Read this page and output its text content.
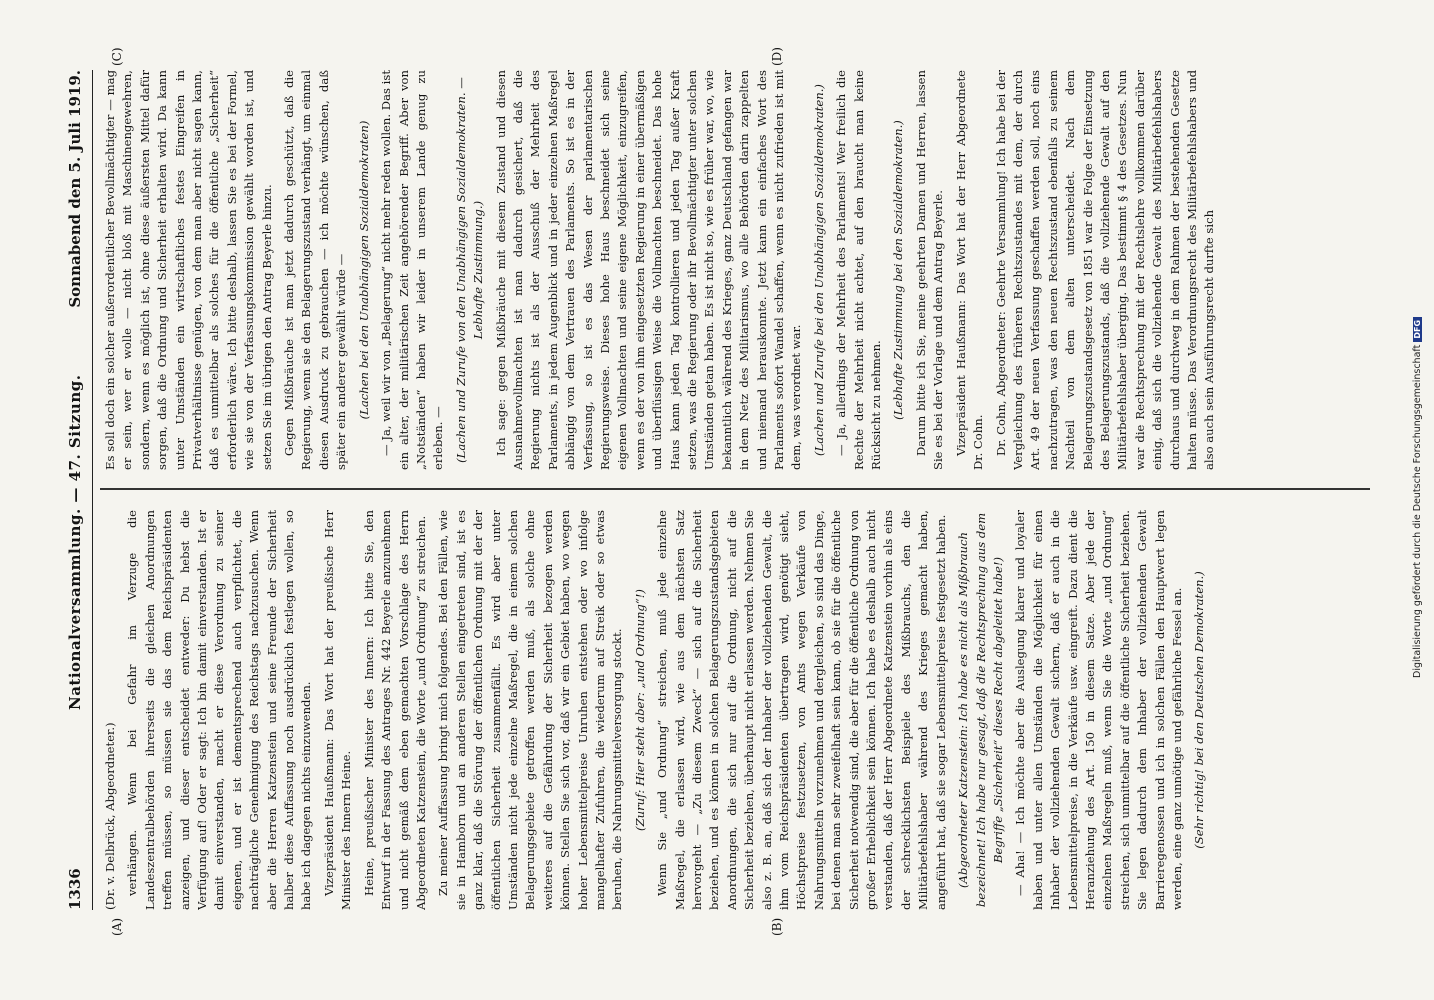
1336
Nationalversammlung. — 47. Sitzung.
Sonnabend den 5. Juli 1919.
(A)	(B)
(C)	(D)

(Dr. v. Delbrück, Abgeordneter.) verhängen. Wenn bei Gefahr im Verzuge die Landeszentralbehörden ihrerseits die gleichen Anordnungen treffen müssen, so müssen sie das dem Reichspräsidenten anzeigen, und dieser entscheidet entweder: Du hebst die Verfügung auf! Oder er sagt: Ich bin damit einverstanden. Ist er damit einverstanden, macht er diese Verordnung zu seiner eigenen, und er ist dementsprechend auch verpflichtet, die nachträgliche Genehmigung des Reichstags nachzusuchen. Wenn aber die Herren Katzenstein und seine Freunde der Sicherheit halber diese Auffassung noch ausdrücklich festlegen wollen, so habe ich dagegen nichts einzuwenden. Vizepräsident Haußmann: Das Wort hat der preußische Herr Minister des Innern Heine. Heine, preußischer Minister des Innern: Ich bitte Sie, den Entwurf in der Fassung des Antrages Nr. 442 Beyerle anzunehmen und nicht gemäß dem eben gemachten Vorschlage des Herrn Abgeordneten Katzenstein, die Worte „und Ordnung“ zu streichen. Zu meiner Auffassung bringt mich folgendes. Bei den Fällen, wie sie in Hamborn und an anderen Stellen eingetreten sind, ist es ganz klar, daß die Störung der öffentlichen Ordnung mit der der öffentlichen Sicherheit zusammenfällt. Es wird aber unter Umständen nicht jede einzelne Maßregel, die in einem solchen Belagerungsgebiete getroffen werden muß, als solche ohne weiteres auf die Gefährdung der Sicherheit bezogen werden können. Stellen Sie sich vor, daß wir ein Gebiet haben, wo wegen hoher Lebensmittelpreise Unruhen entstehen oder wo infolge mangelhafter Zufuhren, die wiederum auf Streik oder so etwas beruhen, die Nahrungsmittelversorgung stockt. (Zuruf: Hier steht aber: „und Ordnung“!) Wenn Sie „und Ordnung“ streichen, muß jede einzelne Maßregel, die erlassen wird, wie aus dem nächsten Satz hervorgeht — „Zu diesem Zweck“ — sich auf die Sicherheit beziehen, und es können in solchen Belagerungszustandsgebieten Anordnungen, die sich nur auf die Ordnung, nicht auf die Sicherheit beziehen, überhaupt nicht erlassen werden. Nehmen Sie also z. B. an, daß sich der Inhaber der vollziehenden Gewalt, die ihm vom Reichspräsidenten übertragen wird, genötigt sieht, Höchstpreise festzusetzen, von Amts wegen Verkäufe von Nahrungsmitteln vorzunehmen und dergleichen, so sind das Dinge, bei denen man sehr zweifelhaft sein kann, ob sie für die öffentliche Sicherheit notwendig sind, die aber für die öffentliche Ordnung von großer Erheblichkeit sein können. Ich habe es deshalb auch nicht verstanden, daß der Herr Abgeordnete Katzenstein vorhin als eins der schrecklichsten Beispiele des Mißbrauchs, den die Militärbefehlshaber während des Krieges gemacht haben, angeführt hat, daß sie sogar Lebensmittelpreise festgesetzt haben. (Abgeordneter Katzenstein: Ich habe es nicht als Mißbrauch bezeichnet! Ich habe nur gesagt, daß die Rechtsprechung aus dem Begriffe „Sicherheit“ dieses Recht abgeleitet habe!) — Aha! — Ich möchte aber die Auslegung klarer und loyaler haben und unter allen Umständen die Möglichkeit für einen Inhaber der vollziehenden Gewalt sichern, daß er auch in die Lebensmittelpreise, in die Verkäufe usw. eingreift. Dazu dient die Heranziehung des Art. 150 in diesem Satze. Aber jede der einzelnen Maßregeln muß, wenn Sie die Worte „und Ordnung“ streichen, sich unmittelbar auf die öffentliche Sicherheit beziehen. Sie legen dadurch dem Inhaber der vollziehenden Gewalt Barrieregenossen und ich in solchen Fällen den Hauptwert legen werden, eine ganz unnötige und gefährliche Fessel an. (Sehr richtig! bei den Deutschen Demokraten.)

Es soll doch ein solcher außerordentlicher Bevollmächtigter — mag er sein, wer er wolle — nicht bloß mit Maschinengewehren, sondern, wenn es möglich ist, ohne diese äußersten Mittel dafür sorgen, daß die Ordnung und Sicherheit erhalten wird. Da kann unter Umständen ein wirtschaftliches festes Eingreifen in Privatverhältnisse genügen, von dem man aber nicht sagen kann, daß es unmittelbar als solches für die öffentliche „Sicherheit“ erforderlich wäre. Ich bitte deshalb, lassen Sie es bei der Formel, wie sie von der Verfassungskommission gewählt worden ist, und setzen Sie im übrigen den Antrag Beyerle hinzu. Gegen Mißbräuche ist man jetzt dadurch geschützt, daß die Regierung, wenn sie den Belagerungszustand verhängt, um einmal diesen Ausdruck zu gebrauchen — ich möchte wünschen, daß später ein anderer gewählt würde — (Lachen bei den Unabhängigen Sozialdemokraten) — Ja, weil wir von „Belagerung“ nicht mehr reden wollen. Das ist ein alter, der militärischen Zeit angehörender Begriff. Aber von „Notständen“ haben wir leider in unserem Lande genug zu erleben. — (Lachen und Zurufe von den Unabhängigen Sozialdemokraten. — Lebhafte Zustimmung.) Ich sage: gegen Mißbräuche mit diesem Zustand und diesen Ausnahmevollmachten ist man dadurch gesichert, daß die Regierung nichts ist als der Ausschuß der Mehrheit des Parlaments, in jedem Augenblick und in jeder einzelnen Maßregel abhängig von dem Vertrauen des Parlaments. So ist es in der Verfassung, so ist es das Wesen der parlamentarischen Regierungsweise. Dieses hohe Haus beschneidet sich seine eigenen Vollmachten und seine eigene Möglichkeit, einzugreifen, wenn es der von ihm eingesetzten Regierung in einer übermäßigen und überflüssigen Weise die Vollmachten beschneidet. Das hohe Haus kann jeden Tag kontrollieren und jeden Tag außer Kraft setzen, was die Regierung oder ihr Bevollmächtigter unter solchen Umständen getan haben. Es ist nicht so, wie es früher war, wo, wie bekanntlich während des Krieges, ganz Deutschland gefangen war in dem Netz des Militarismus, wo alle Behörden darin zappelten und niemand herauskonnte. Jetzt kann ein einfaches Wort des Parlaments sofort Wandel schaffen, wenn es nicht zufrieden ist mit dem, was verordnet war. (Lachen und Zurufe bei den Unabhängigen Sozialdemokraten.) — Ja, allerdings der Mehrheit des Parlaments! Wer freilich die Rechte der Mehrheit nicht achtet, auf den braucht man keine Rücksicht zu nehmen. (Lebhafte Zustimmung bei den Sozialdemokraten.) Darum bitte ich Sie, meine geehrten Damen und Herren, lassen Sie es bei der Vorlage und dem Antrag Beyerle. Vizepräsident Haußmann: Das Wort hat der Herr Abgeordnete Dr. Cohn. Dr. Cohn, Abgeordneter: Geehrte Versammlung! Ich habe bei der Vergleichung des früheren Rechtszustandes mit dem, der durch Art. 49 der neuen Verfassung geschaffen werden soll, noch eins nachzutragen, was den neuen Rechtszustand ebenfalls zu seinem Nachteil von dem alten unterscheidet. Nach dem Belagerungszustandsgesetz von 1851 war die Folge der Einsetzung des Belagerungszustands, daß die vollziehende Gewalt auf den Militärbefehlshaber überging. Das bestimmt § 4 des Gesetzes. Nun war die Rechtsprechung mit der Rechtslehre vollkommen darüber einig, daß sich die vollziehende Gewalt des Militärbefehlshabers durchaus und durchweg in dem Rahmen der bestehenden Gesetze halten müsse. Das Verordnungsrecht des Militärbefehlshabers und also auch sein Ausführungsrecht durfte sich

Digitalisierung gefördert durch die Deutsche Forschungsgemeinschaft DFG
